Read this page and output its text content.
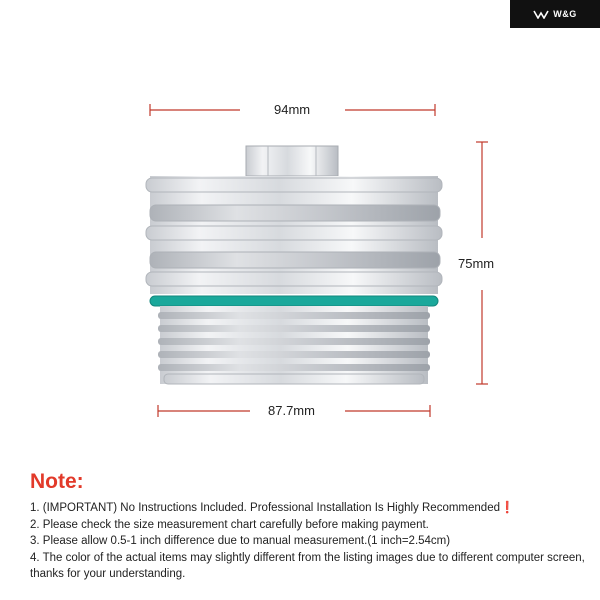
W&G
94mm
75mm
87.7mm
Note:
1. (IMPORTANT) No Instructions Included. Professional Installation Is Highly Recommended❗
2. Please check the size measurement chart carefully before making payment.
3. Please allow 0.5-1 inch difference due to manual measurement.(1 inch=2.54cm)
4. The color of the actual items may slightly different from the listing images due to different computer screen, thanks for your understanding.
